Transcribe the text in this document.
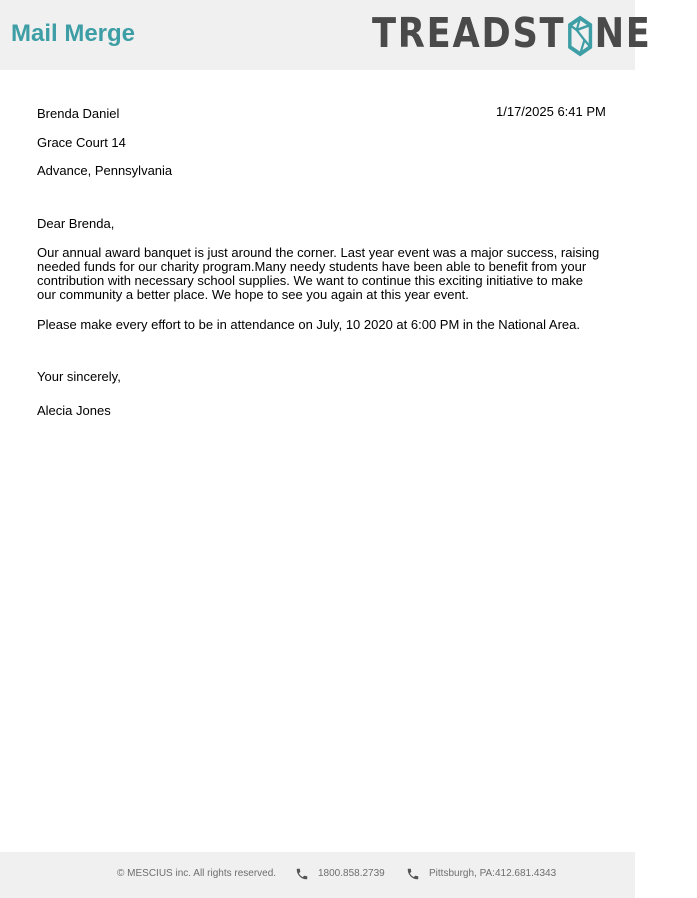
Mail Merge	TREADST NE

Brenda Daniel	1/17/2025 6:41 PM

Grace Court 14

Advance, Pennsylvania

Dear Brenda,

Our annual award banquet is just around the corner. Last year event was a major success, raising needed funds for our charity program.Many needy students have been able to benefit from your contribution with necessary school supplies. We want to continue this exciting initiative to make our community a better place. We hope to see you again at this year event.

Please make every effort to be in attendance on July, 10 2020 at 6:00 PM in the National Area.

Your sincerely,

Alecia Jones

© MESCIUS inc. All rights reserved.	1800.858.2739	Pittsburgh, PA:412.681.4343
